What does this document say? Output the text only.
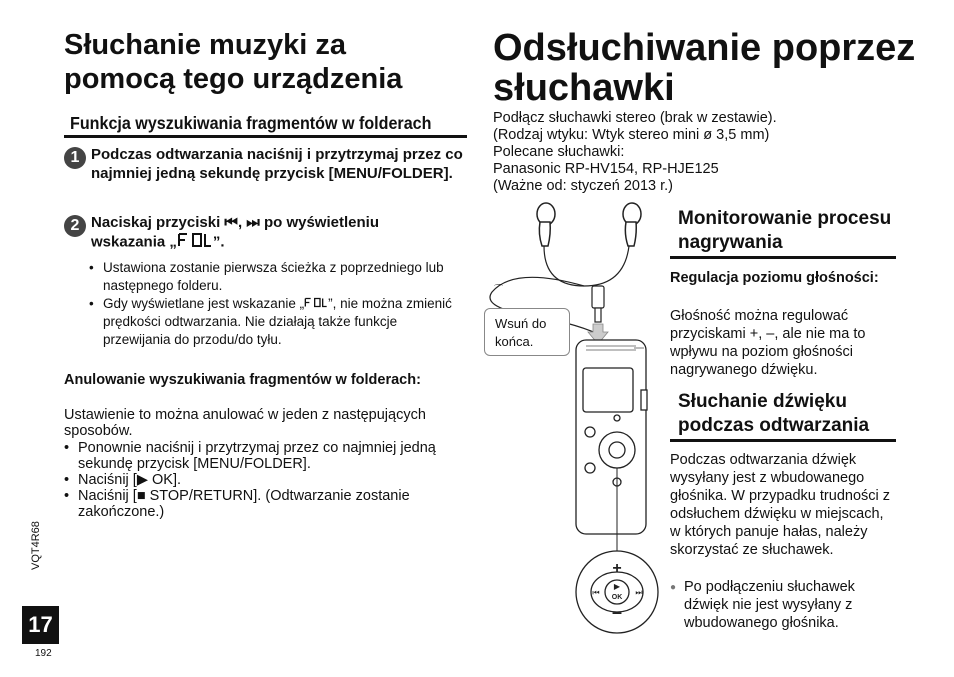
Słuchanie muzyki za pomocą tego urządzenia
Funkcja wyszukiwania fragmentów w folderach
1 Podczas odtwarzania naciśnij i przytrzymaj przez co najmniej jedną sekundę przycisk [MENU/FOLDER].
2 Naciskaj przyciski ⏮, ⏭ po wyświetleniu
wskazania „ ”.
• Ustawiona zostanie pierwsza ścieżka z poprzedniego lub następnego folderu.
• Gdy wyświetlane jest wskazanie „ ”, nie można zmienić prędkości odtwarzania. Nie działają także funkcje przewijania do przodu/do tyłu.
Anulowanie wyszukiwania fragmentów w folderach:
Ustawienie to można anulować w jeden z następujących sposobów.
• Ponownie naciśnij i przytrzymaj przez co najmniej jedną sekundę przycisk [MENU/FOLDER].
• Naciśnij [▶ OK].
• Naciśnij [■ STOP/RETURN]. (Odtwarzanie zostanie zakończone.)
Odsłuchiwanie poprzez słuchawki
Podłącz słuchawki stereo (brak w zestawie).
(Rodzaj wtyku: Wtyk stereo mini ø 3,5 mm)
Polecane słuchawki:
Panasonic RP-HV154, RP-HJE125
(Ważne od: styczeń 2013 r.)
⌒
+
–
▶
OK
⏮	⏭
Wsuń do końca.
Monitorowanie procesu nagrywania
Regulacja poziomu głośności:
Głośność można regulować przyciskami +, –, ale nie ma to wpływu na poziom głośności nagrywanego dźwięku.
Słuchanie dźwięku podczas odtwarzania
Podczas odtwarzania dźwięk wysyłany jest z wbudowanego głośnika. W przypadku trudności z odsłuchem dźwięku w miejscach, w których panuje hałas, należy skorzystać ze słuchawek.
● Po podłączeniu słuchawek dźwięk nie jest wysyłany z wbudowanego głośnika.
VQT4R68
17
192
